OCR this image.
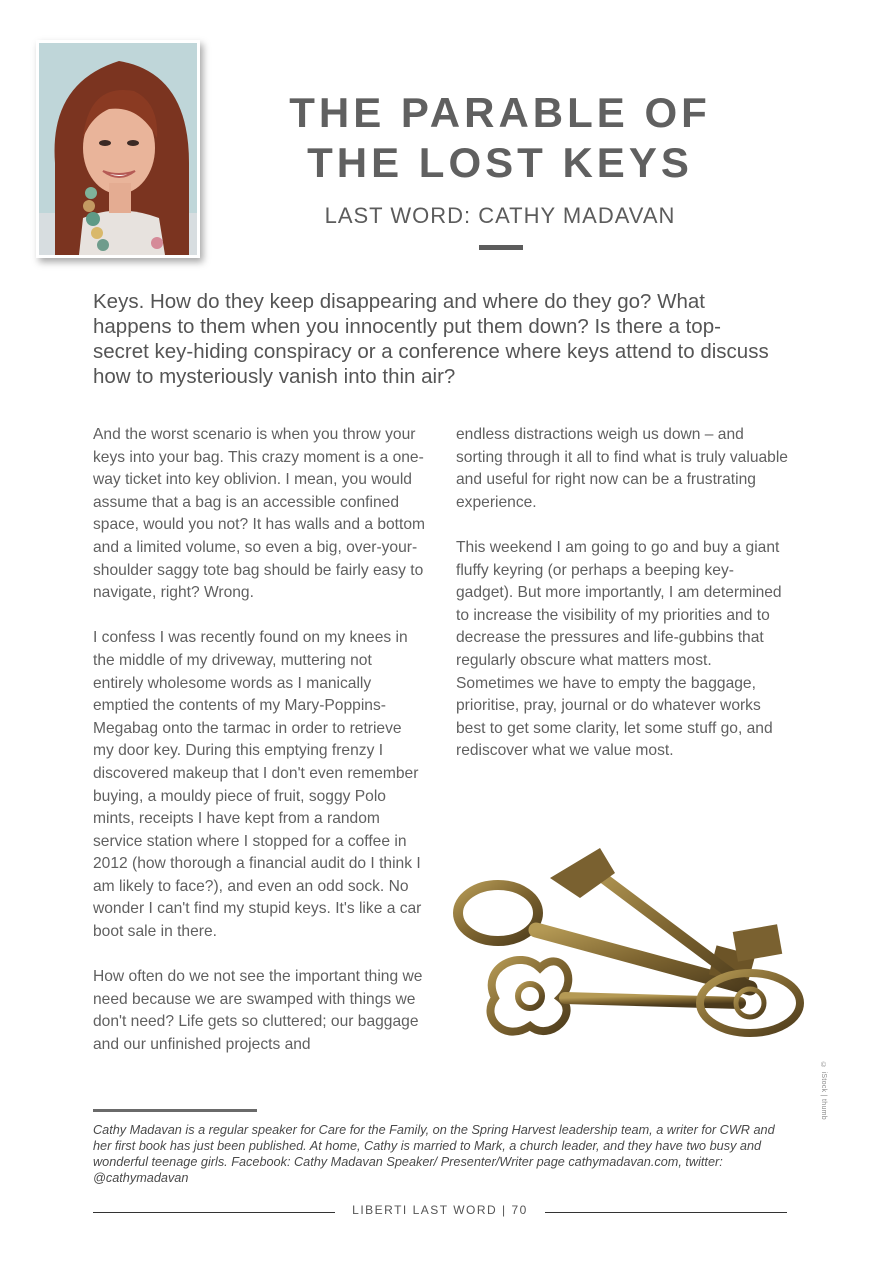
THE PARABLE OF THE LOST KEYS
LAST WORD: CATHY MADAVAN

Keys. How do they keep disappearing and where do they go? What happens to them when you innocently put them down? Is there a top-secret key-hiding conspiracy or a conference where keys attend to discuss how to mysteriously vanish into thin air?

And the worst scenario is when you throw your keys into your bag. This crazy moment is a one-way ticket into key oblivion. I mean, you would assume that a bag is an accessible confined space, would you not? It has walls and a bottom and a limited volume, so even a big, over-your-shoulder saggy tote bag should be fairly easy to navigate, right? Wrong.

I confess I was recently found on my knees in the middle of my driveway, muttering not entirely wholesome words as I manically emptied the contents of my Mary-Poppins-Megabag onto the tarmac in order to retrieve my door key. During this emptying frenzy I discovered makeup that I don't even remember buying, a mouldy piece of fruit, soggy Polo mints, receipts I have kept from a random service station where I stopped for a coffee in 2012 (how thorough a financial audit do I think I am likely to face?), and even an odd sock. No wonder I can't find my stupid keys. It's like a car boot sale in there.

How often do we not see the important thing we need because we are swamped with things we don't need? Life gets so cluttered; our baggage and our unfinished projects and

endless distractions weigh us down – and sorting through it all to find what is truly valuable and useful for right now can be a frustrating experience.

This weekend I am going to go and buy a giant fluffy keyring (or perhaps a beeping key-gadget). But more importantly, I am determined to increase the visibility of my priorities and to decrease the pressures and life-gubbins that regularly obscure what matters most. Sometimes we have to empty the baggage, prioritise, pray, journal or do whatever works best to get some clarity, let some stuff go, and rediscover what we value most.

© iStock | thumb

Cathy Madavan is a regular speaker for Care for the Family, on the Spring Harvest leadership team, a writer for CWR and her first book has just been published. At home, Cathy is married to Mark, a church leader, and they have two busy and wonderful teenage girls. Facebook: Cathy Madavan Speaker/ Presenter/Writer page cathymadavan.com, twitter: @cathymadavan

LIBERTI LAST WORD | 70
